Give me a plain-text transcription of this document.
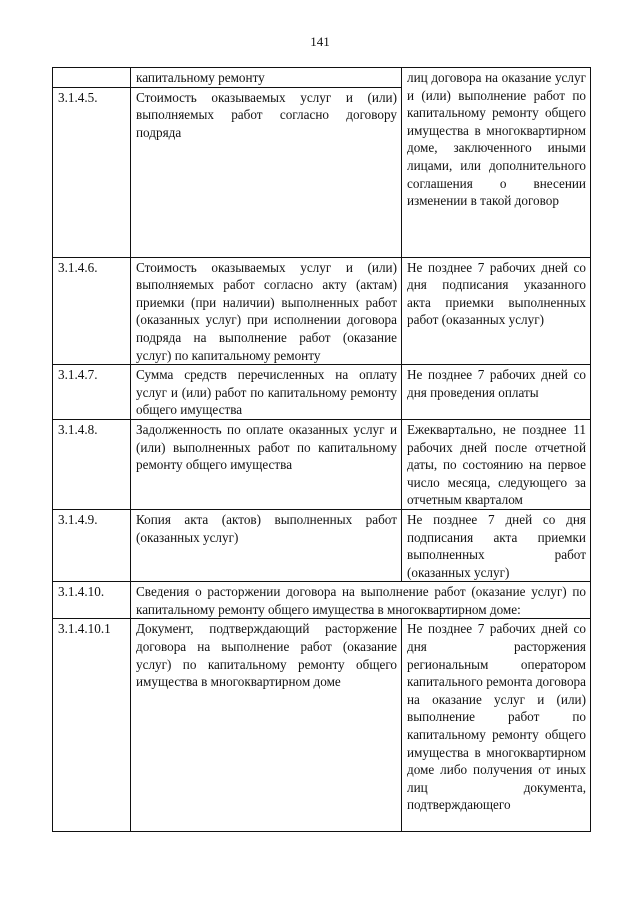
141
	капитальному ремонту	лиц договора на оказание услуг и (или) выполнение работ по капитальному ремонту общего имущества в многоквартирном доме, заключенного иными лицами, или дополнительного соглашения о внесении изменении в такой договор
3.1.4.5.	Стоимость оказываемых услуг и (или) выполняемых работ согласно договору подряда	
3.1.4.6.	Стоимость оказываемых услуг и (или) выполняемых работ согласно акту (актам) приемки (при наличии) выполненных работ (оказанных услуг) при исполнении договора подряда на выполнение работ (оказание услуг) по капитальному ремонту	Не позднее 7 рабочих дней со дня подписания указанного акта приемки выполненных работ (оказанных услуг)
3.1.4.7.	Сумма средств перечисленных на оплату услуг и (или) работ по капитальному ремонту общего имущества	Не позднее 7 рабочих дней со дня проведения оплаты
3.1.4.8.	Задолженность по оплате оказанных услуг и (или) выполненных работ по капитальному ремонту общего имущества	Ежеквартально, не позднее 11 рабочих дней после отчетной даты, по состоянию на первое число месяца, следующего за отчетным кварталом
3.1.4.9.	Копия акта (актов) выполненных работ (оказанных услуг)	Не позднее 7 дней со дня подписания акта приемки выполненных работ (оказанных услуг)
3.1.4.10.	Сведения о расторжении договора на выполнение работ (оказание услуг) по капитальному ремонту общего имущества в многоквартирном доме:	
3.1.4.10.1	Документ, подтверждающий расторжение договора на выполнение работ (оказание услуг) по капитальному ремонту общего имущества в многоквартирном доме	Не позднее 7 рабочих дней со дня расторжения региональным оператором капитального ремонта договора на оказание услуг и (или) выполнение работ по капитальному ремонту общего имущества в многоквартирном доме либо получения от иных лиц документа, подтверждающего
